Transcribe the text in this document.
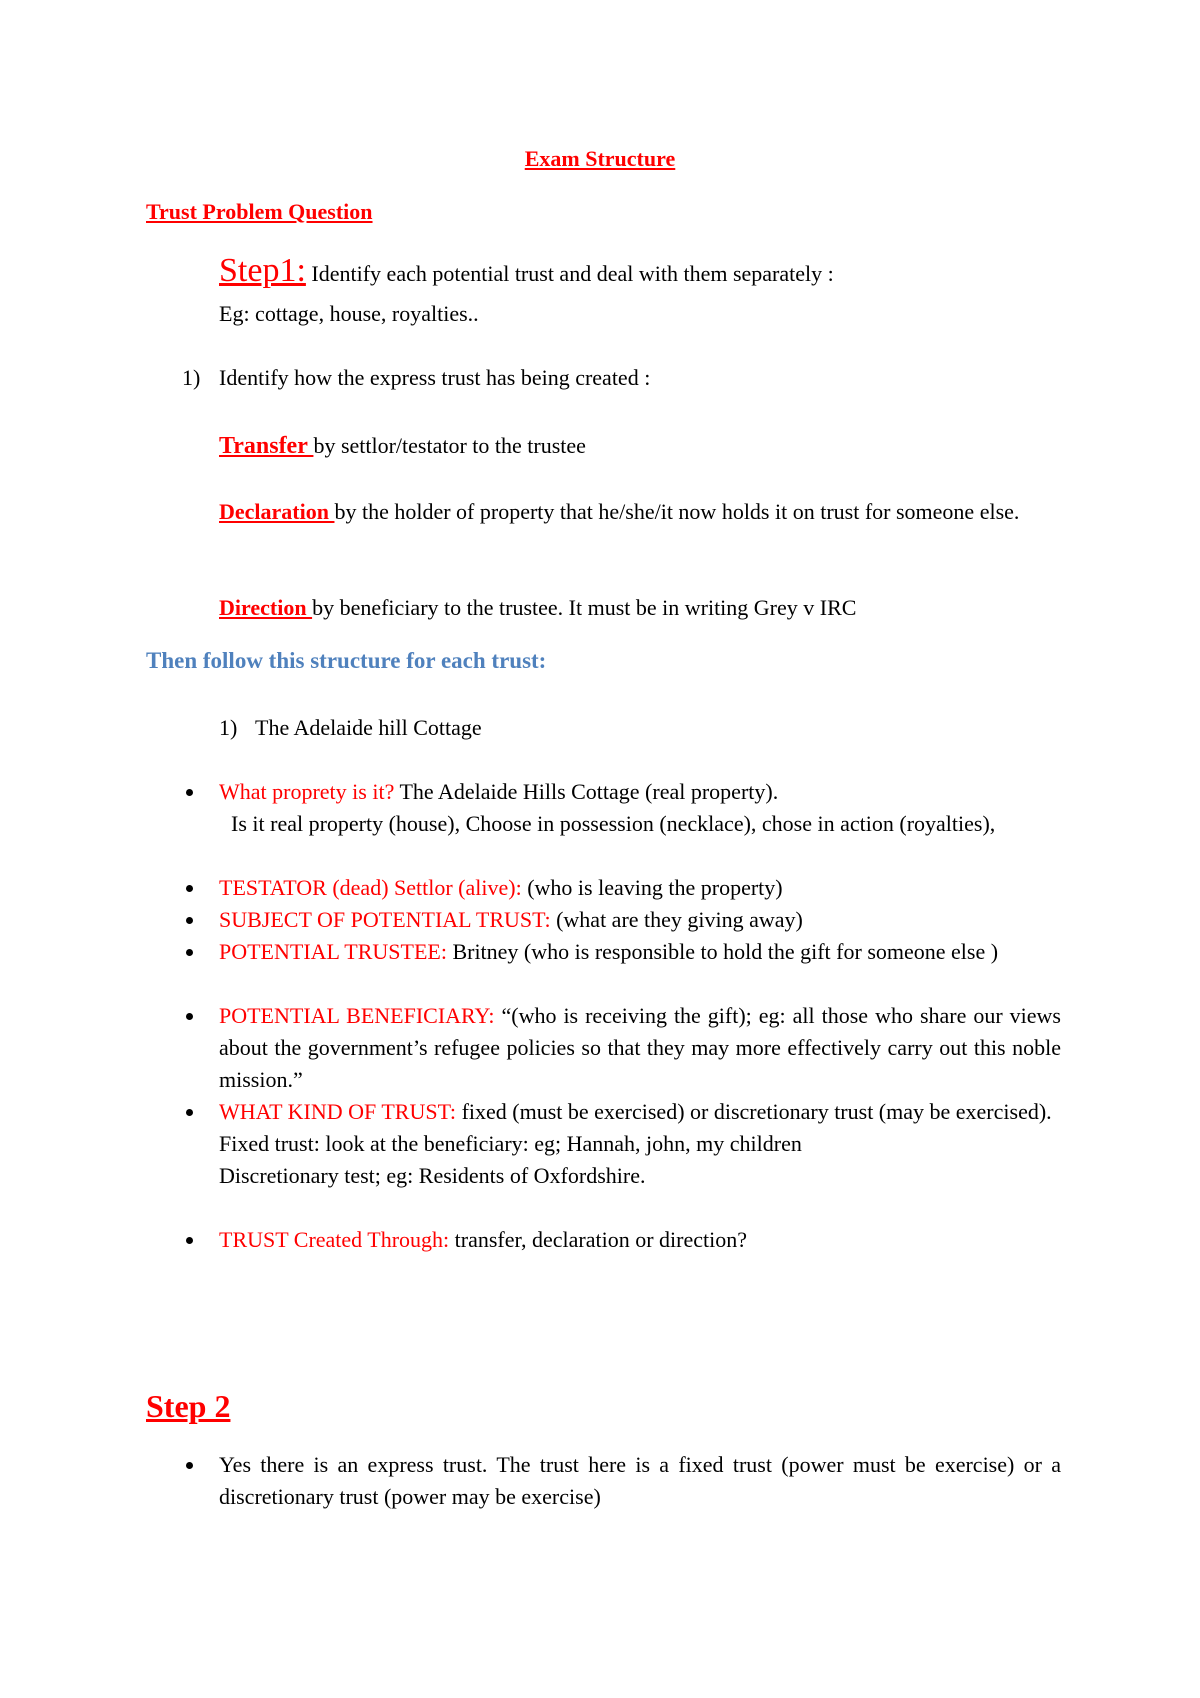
Exam Structure
Trust Problem Question
Step1: Identify each potential trust and deal with them separately :
Eg: cottage, house, royalties..
1) Identify how the express trust has being created :
Transfer by settlor/testator to the trustee
Declaration by the holder of property that he/she/it now holds it on trust for someone else.
Direction by beneficiary to the trustee. It must be in writing Grey v IRC
Then follow this structure for each trust:
1) The Adelaide hill Cottage
What proprety is it? The Adelaide Hills Cottage (real property).
Is it real property (house), Choose in possession (necklace), chose in action (royalties),
TESTATOR (dead) Settlor (alive): (who is leaving the property)
SUBJECT OF POTENTIAL TRUST: (what are they giving away)
POTENTIAL TRUSTEE: Britney (who is responsible to hold the gift for someone else )
POTENTIAL BENEFICIARY: “(who is receiving the gift); eg: all those who share our views about the government’s refugee policies so that they may more effectively carry out this noble mission.”
WHAT KIND OF TRUST: fixed (must be exercised) or discretionary trust (may be exercised).
Fixed trust: look at the beneficiary: eg; Hannah, john, my children
Discretionary test; eg: Residents of Oxfordshire.
TRUST Created Through: transfer, declaration or direction?
Step 2
Yes there is an express trust. The trust here is a fixed trust (power must be exercise) or a discretionary trust (power may be exercise)
